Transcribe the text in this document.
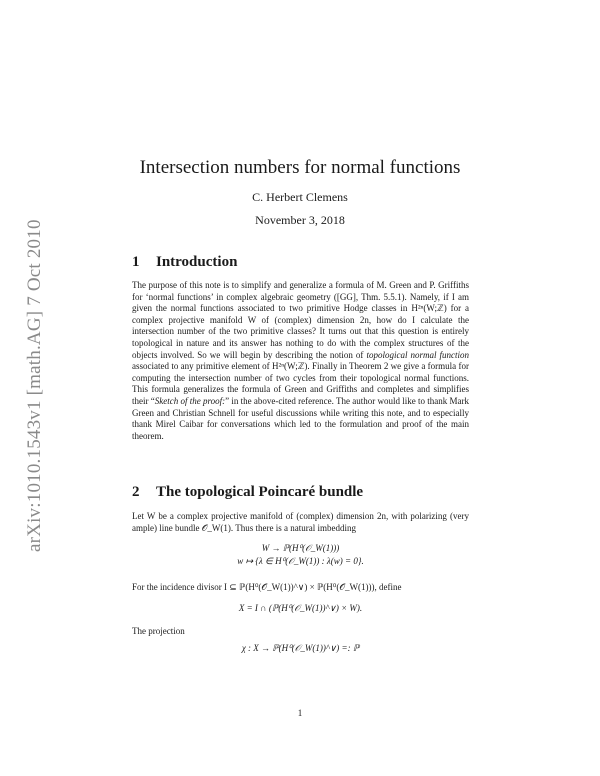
arXiv:1010.1543v1 [math.AG] 7 Oct 2010
Intersection numbers for normal functions
C. Herbert Clemens
November 3, 2018
1 Introduction
The purpose of this note is to simplify and generalize a formula of M. Green and P. Griffiths for ‘normal functions’ in complex algebraic geometry ([GG], Thm. 5.5.1). Namely, if I am given the normal functions associated to two primitive Hodge classes in H²ⁿ(W;ℤ) for a complex projective manifold W of (complex) dimension 2n, how do I calculate the intersection number of the two primitive classes? It turns out that this question is entirely topological in nature and its answer has nothing to do with the complex structures of the objects involved. So we will begin by describing the notion of topological normal function associated to any primitive element of H²ⁿ(W;ℤ). Finally in Theorem 2 we give a formula for computing the intersection number of two cycles from their topological normal functions. This formula generalizes the formula of Green and Griffiths and completes and simplifies their “Sketch of the proof:” in the above-cited reference. The author would like to thank Mark Green and Christian Schnell for useful discussions while writing this note, and to especially thank Mirel Caibar for conversations which led to the formulation and proof of the main theorem.
2 The topological Poincaré bundle
Let W be a complex projective manifold of (complex) dimension 2n, with polarizing (very ample) line bundle 𝒪_W(1). Thus there is a natural imbedding
W → ℙ(H⁰(𝒪_W(1)))
w ↦ {λ ∈ H⁰(𝒪_W(1)) : λ(w) = 0}.
For the incidence divisor I ⊆ ℙ(H⁰(𝒪_W(1))^∨) × ℙ(H⁰(𝒪_W(1))), define
X = I ∩ (ℙ(H⁰(𝒪_W(1))^∨) × W).
The projection
χ : X → ℙ(H⁰(𝒪_W(1))^∨) =: ℙ
1
